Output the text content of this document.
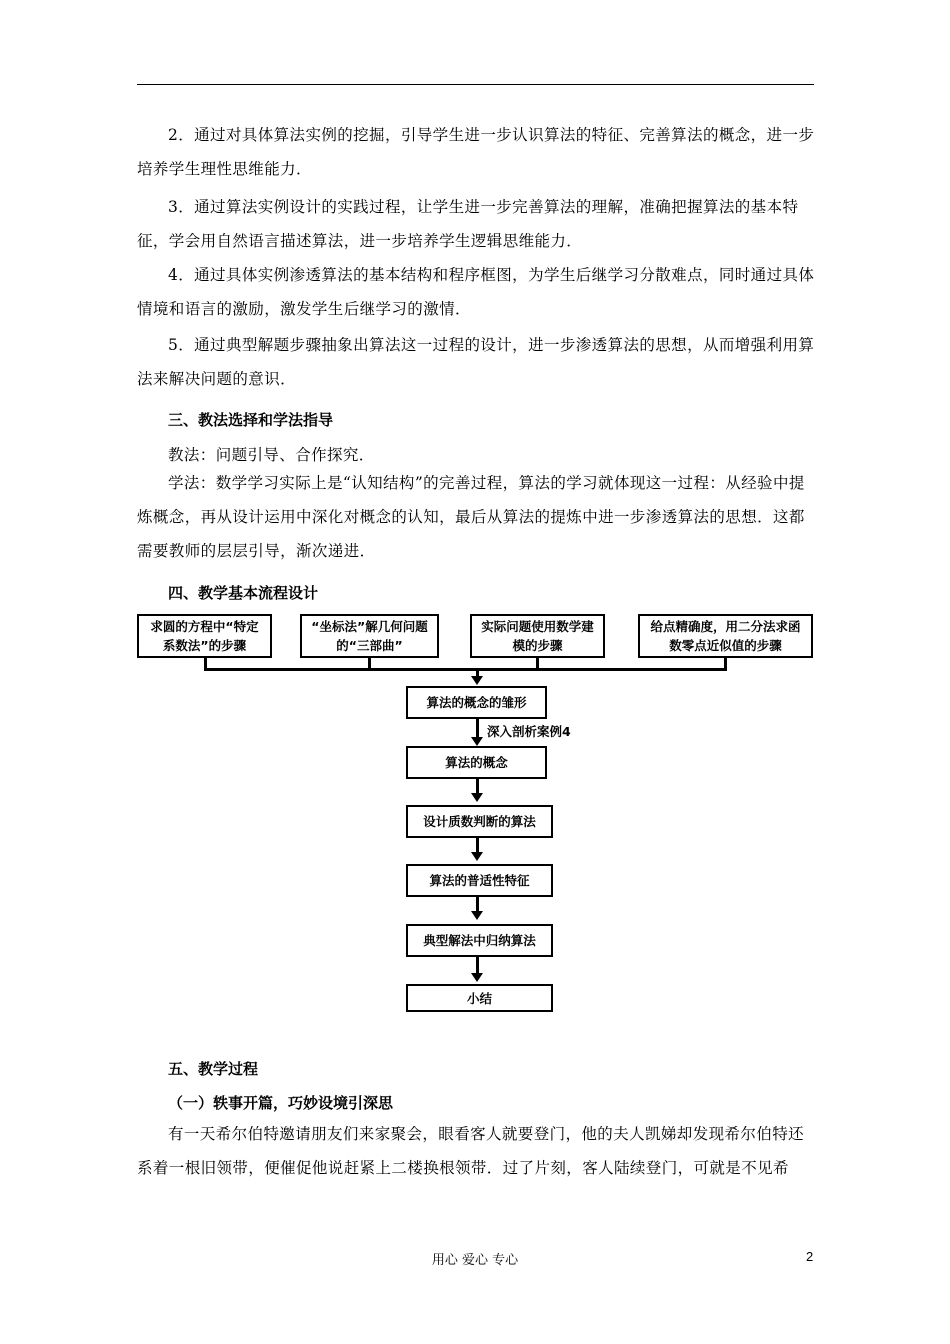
2．通过对具体算法实例的挖掘，引导学生进一步认识算法的特征、完善算法的概念，进一步培养学生理性思维能力．

3．通过算法实例设计的实践过程，让学生进一步完善算法的理解，准确把握算法的基本特征，学会用自然语言描述算法，进一步培养学生逻辑思维能力．

4．通过具体实例渗透算法的基本结构和程序框图，为学生后继学习分散难点，同时通过具体情境和语言的激励，激发学生后继学习的激情．

5．通过典型解题步骤抽象出算法这一过程的设计，进一步渗透算法的思想，从而增强利用算法来解决问题的意识．

三、教法选择和学法指导

教法：问题引导、合作探究．

学法：数学学习实际上是“认知结构”的完善过程，算法的学习就体现这一过程：从经验中提炼概念，再从设计运用中深化对概念的认知，最后从算法的提炼中进一步渗透算法的思想．这都需要教师的层层引导，渐次递进．

四、教学基本流程设计

求圆的方程中“特定系数法”的步骤
“坐标法”解几何问题的“三部曲”
实际问题使用数学建模的步骤
给点精确度，用二分法求函数零点近似值的步骤
算法的概念的雏形
深入剖析案例4
算法的概念
设计质数判断的算法
算法的普适性特征
典型解法中归纳算法
小结

五、教学过程

（一）轶事开篇，巧妙设境引深思

有一天希尔伯特邀请朋友们来家聚会，眼看客人就要登门，他的夫人凯娣却发现希尔伯特还系着一根旧领带，便催促他说赶紧上二楼换根领带．过了片刻，客人陆续登门，可就是不见希

用心 爱心 专心	2
